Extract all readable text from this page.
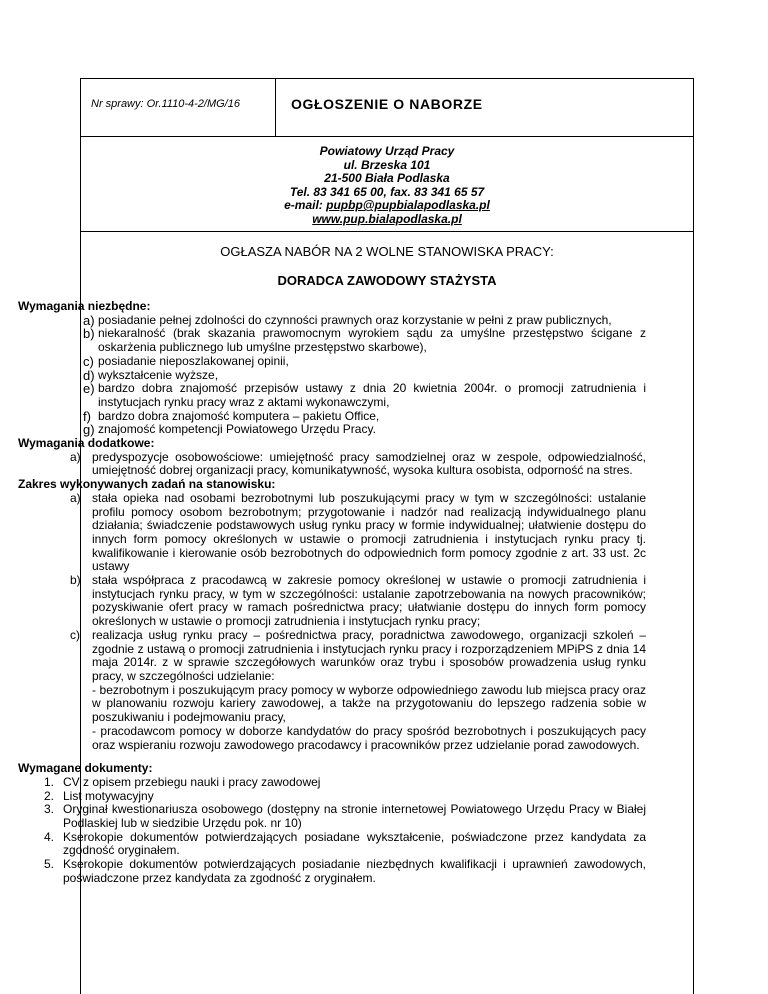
Nr sprawy: Or.1110-4-2/MG/16	OGŁOSZENIE O NABORZE
Powiatowy Urząd Pracy
ul. Brzeska 101
21-500 Biała Podlaska
Tel. 83 341 65 00, fax. 83 341 65 57
e-mail: pupbp@pupbialapodlaska.pl
www.pup.bialapodlaska.pl
OGŁASZA NABÓR NA 2 WOLNE STANOWISKA PRACY:
DORADCA ZAWODOWY STAŻYSTA

Wymagania niezbędne:

a) posiadanie pełnej zdolności do czynności prawnych oraz korzystanie w pełni z praw publicznych,
b) niekaralność (brak skazania prawomocnym wyrokiem sądu za umyślne przestępstwo ścigane z oskarżenia publicznego lub umyślne przestępstwo skarbowe),
c) posiadanie nieposzlakowanej opinii,
d) wykształcenie wyższe,
e) bardzo dobra znajomość przepisów ustawy z dnia 20 kwietnia 2004r. o promocji zatrudnienia i instytucjach rynku pracy wraz z aktami wykonawczymi,
f) bardzo dobra znajomość komputera – pakietu Office,
g) znajomość kompetencji Powiatowego Urzędu Pracy.

Wymagania dodatkowe:

a) predyspozycje osobowościowe: umiejętność pracy samodzielnej oraz w zespole, odpowiedzialność, umiejętność dobrej organizacji pracy, komunikatywność, wysoka kultura osobista, odporność na stres.

Zakres wykonywanych zadań na stanowisku:

a) stała opieka nad osobami bezrobotnymi lub poszukującymi pracy w tym w szczególności: ustalanie profilu pomocy osobom bezrobotnym; przygotowanie i nadzór nad realizacją indywidualnego planu działania; świadczenie podstawowych usług rynku pracy w formie indywidualnej; ułatwienie dostępu do innych form pomocy określonych w ustawie o promocji zatrudnienia i instytucjach rynku pracy tj. kwalifikowanie i kierowanie osób bezrobotnych do odpowiednich form pomocy zgodnie z art. 33 ust. 2c ustawy
b) stała współpraca z pracodawcą w zakresie pomocy określonej w ustawie o promocji zatrudnienia i instytucjach rynku pracy, w tym w szczególności: ustalanie zapotrzebowania na nowych pracowników; pozyskiwanie ofert pracy w ramach pośrednictwa pracy; ułatwianie dostępu do innych form pomocy określonych w ustawie o promocji zatrudnienia i instytucjach rynku pracy;
c) realizacja usług rynku pracy – pośrednictwa pracy, poradnictwa zawodowego, organizacji szkoleń – zgodnie z ustawą o promocji zatrudnienia i instytucjach rynku pracy i rozporządzeniem MPiPS z dnia 14 maja 2014r. z w sprawie szczegółowych warunków oraz trybu i sposobów prowadzenia usług rynku pracy, w szczególności udzielanie:
- bezrobotnym i poszukującym pracy pomocy w wyborze odpowiedniego zawodu lub miejsca pracy oraz w planowaniu rozwoju kariery zawodowej, a także na przygotowaniu do lepszego radzenia sobie w poszukiwaniu i podejmowaniu pracy,
- pracodawcom pomocy w doborze kandydatów do pracy spośród bezrobotnych i poszukujących pacy oraz wspieraniu rozwoju zawodowego pracodawcy i pracowników przez udzielanie porad zawodowych.

Wymagane dokumenty:

1. CV z opisem przebiegu nauki i pracy zawodowej
2. List motywacyjny
3. Oryginał kwestionariusza osobowego (dostępny na stronie internetowej Powiatowego Urzędu Pracy w Białej Podlaskiej lub w siedzibie Urzędu pok. nr 10)
4. Kserokopie dokumentów potwierdzających posiadane wykształcenie, poświadczone przez kandydata za zgodność oryginałem.
5. Kserokopie dokumentów potwierdzających posiadanie niezbędnych kwalifikacji i uprawnień zawodowych, poświadczone przez kandydata za zgodność z oryginałem.
